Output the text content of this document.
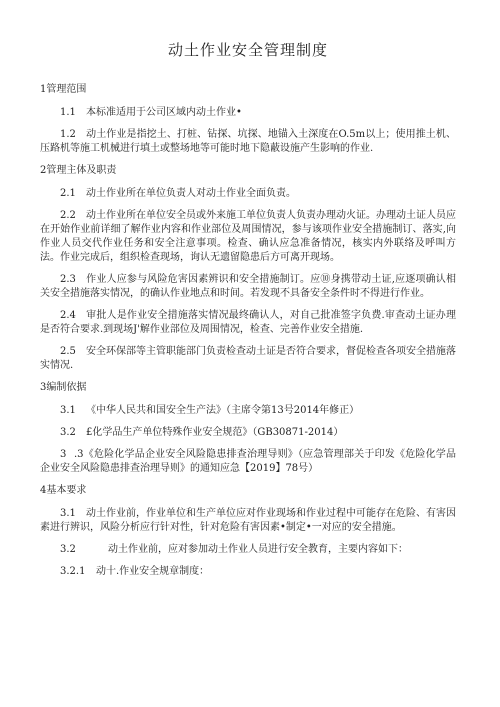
动土作业安全管理制度
1管理范围
1.1 本标准适用于公司区域内动土作业•
1.2 动土作业是指挖土、打桩、钻探、坑探、地锚入土深度在O.5m以上；使用推土机、压路机等施工机械进行填土或整场地等可能时地下隐蔽设施产生影响的作业.
2管理主体及职责
2.1 动土作业所在单位负责人对动土作业全面负责。
2.2 动土作业所在单位安全员或外来施工单位负责人负责办理动火证。办理动土证人员应在开始作业前详细了解作业内容和作业部位及周围情况，参与该项作业安全措施制订、落实,向作业人员交代作业任务和安全注意事项。检查、确认应急准备情况，核实内外联络及呼叫方法。作业完成后，组织检查现场，询认无遗留隐患后方可离开现场。
2.3 作业人应参与风险危害因素辨识和安全措施制订。应⑩身携带动土证,应逐项确认相关安全措施落实情况，的确认作业地点和时间。若发现不具备安全条件时不得进行作业。
2.4 审批人是作业安全措施落实情况最终确认人，对自己批准签字负费.审查动土证办理是否符合要求.到现场J'解作业部位及周围情况，检查、完善作业安全措施.
2.5 安全环保部等主管职能部门负责检查动土证是否符合要求，督促检查各项安全措施落实情况.
3编制依据
3.1 《中华人民共和国安全生产法》（主席令第13号2014年修正）
3.2 £化学品生产单位特殊作业安全规范》（GB30871-2014）
3 .3《危险化学品企业安全风险隐患排查治理导则》（应急管理部关于印发《危险化学品企业安全风险隐患排查治理导则》的通知应急【2019】78号）
4基本要求
3.1 动土作业前，作业单位和生产单位应对作业现场和作业过程中可能存在危险、有害因素进行辨识，风险分析应行针对性，针对危险有害因素•制定•一对应的安全措施。
3.2	动土作业前，应对参加动土作业人员进行安全教育，主要内容如下：
3.2.1 动十.作业安全规章制度：
